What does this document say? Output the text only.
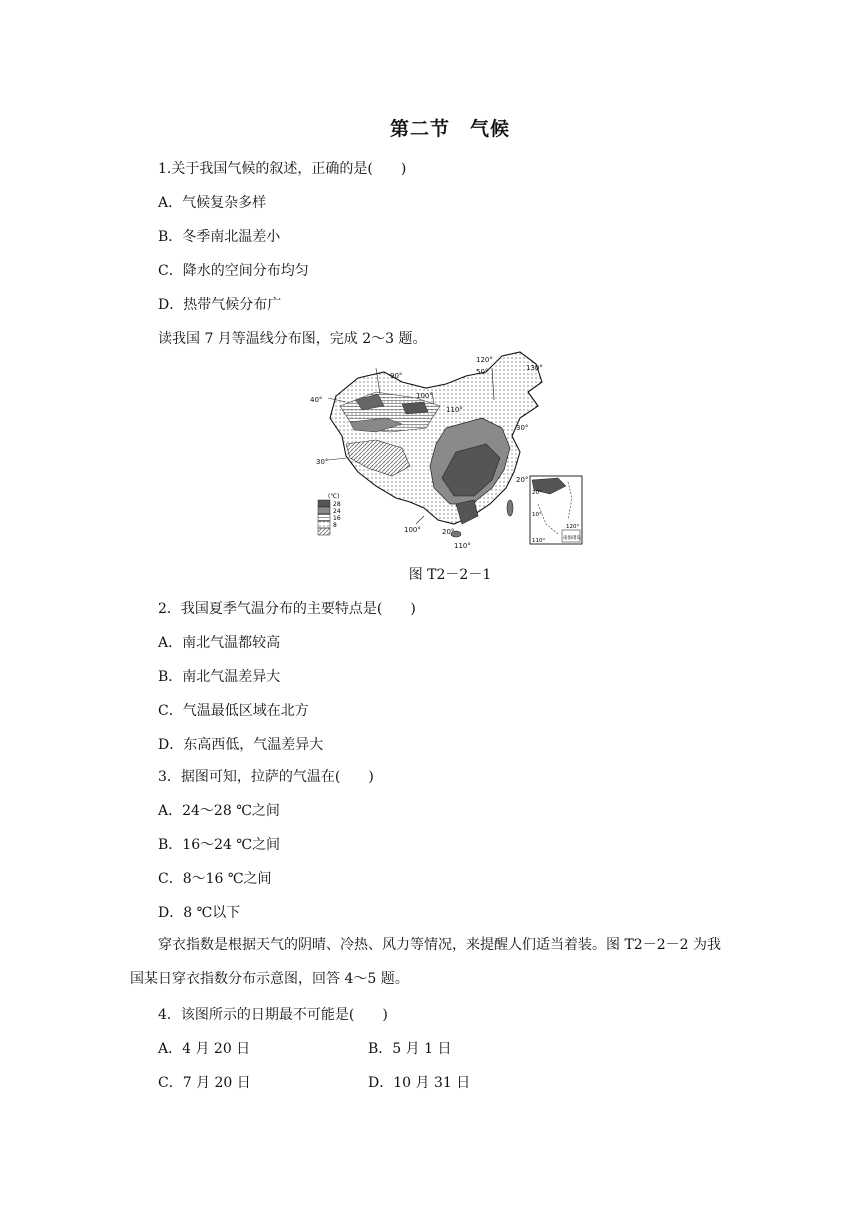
第二节　气候
1.关于我国气候的叙述，正确的是(　　)
A．气候复杂多样
B．冬季南北温差小
C．降水的空间分布均匀
D．热带气候分布广
读我国 7 月等温线分布图，完成 2～3 题。
90°
100°
110°
120°
130°
100°
110°
50°
40°
30°
20°
20°
30°
(℃)
28
24
16
8
20°
10°
110°
120°
南海诸岛
图 T2－2－1
2．我国夏季气温分布的主要特点是(　　)
A．南北气温都较高
B．南北气温差异大
C．气温最低区域在北方
D．东高西低，气温差异大
3．据图可知，拉萨的气温在(　　)
A．24～28 ℃之间
B．16～24 ℃之间
C．8～16 ℃之间
D．8 ℃以下
穿衣指数是根据天气的阴晴、冷热、风力等情况，来提醒人们适当着装。图 T2－2－2 为我国某日穿衣指数分布示意图，回答 4～5 题。
4．该图所示的日期最不可能是(　　)
A．4 月 20 日	B．5 月 1 日
C．7 月 20 日	D．10 月 31 日
